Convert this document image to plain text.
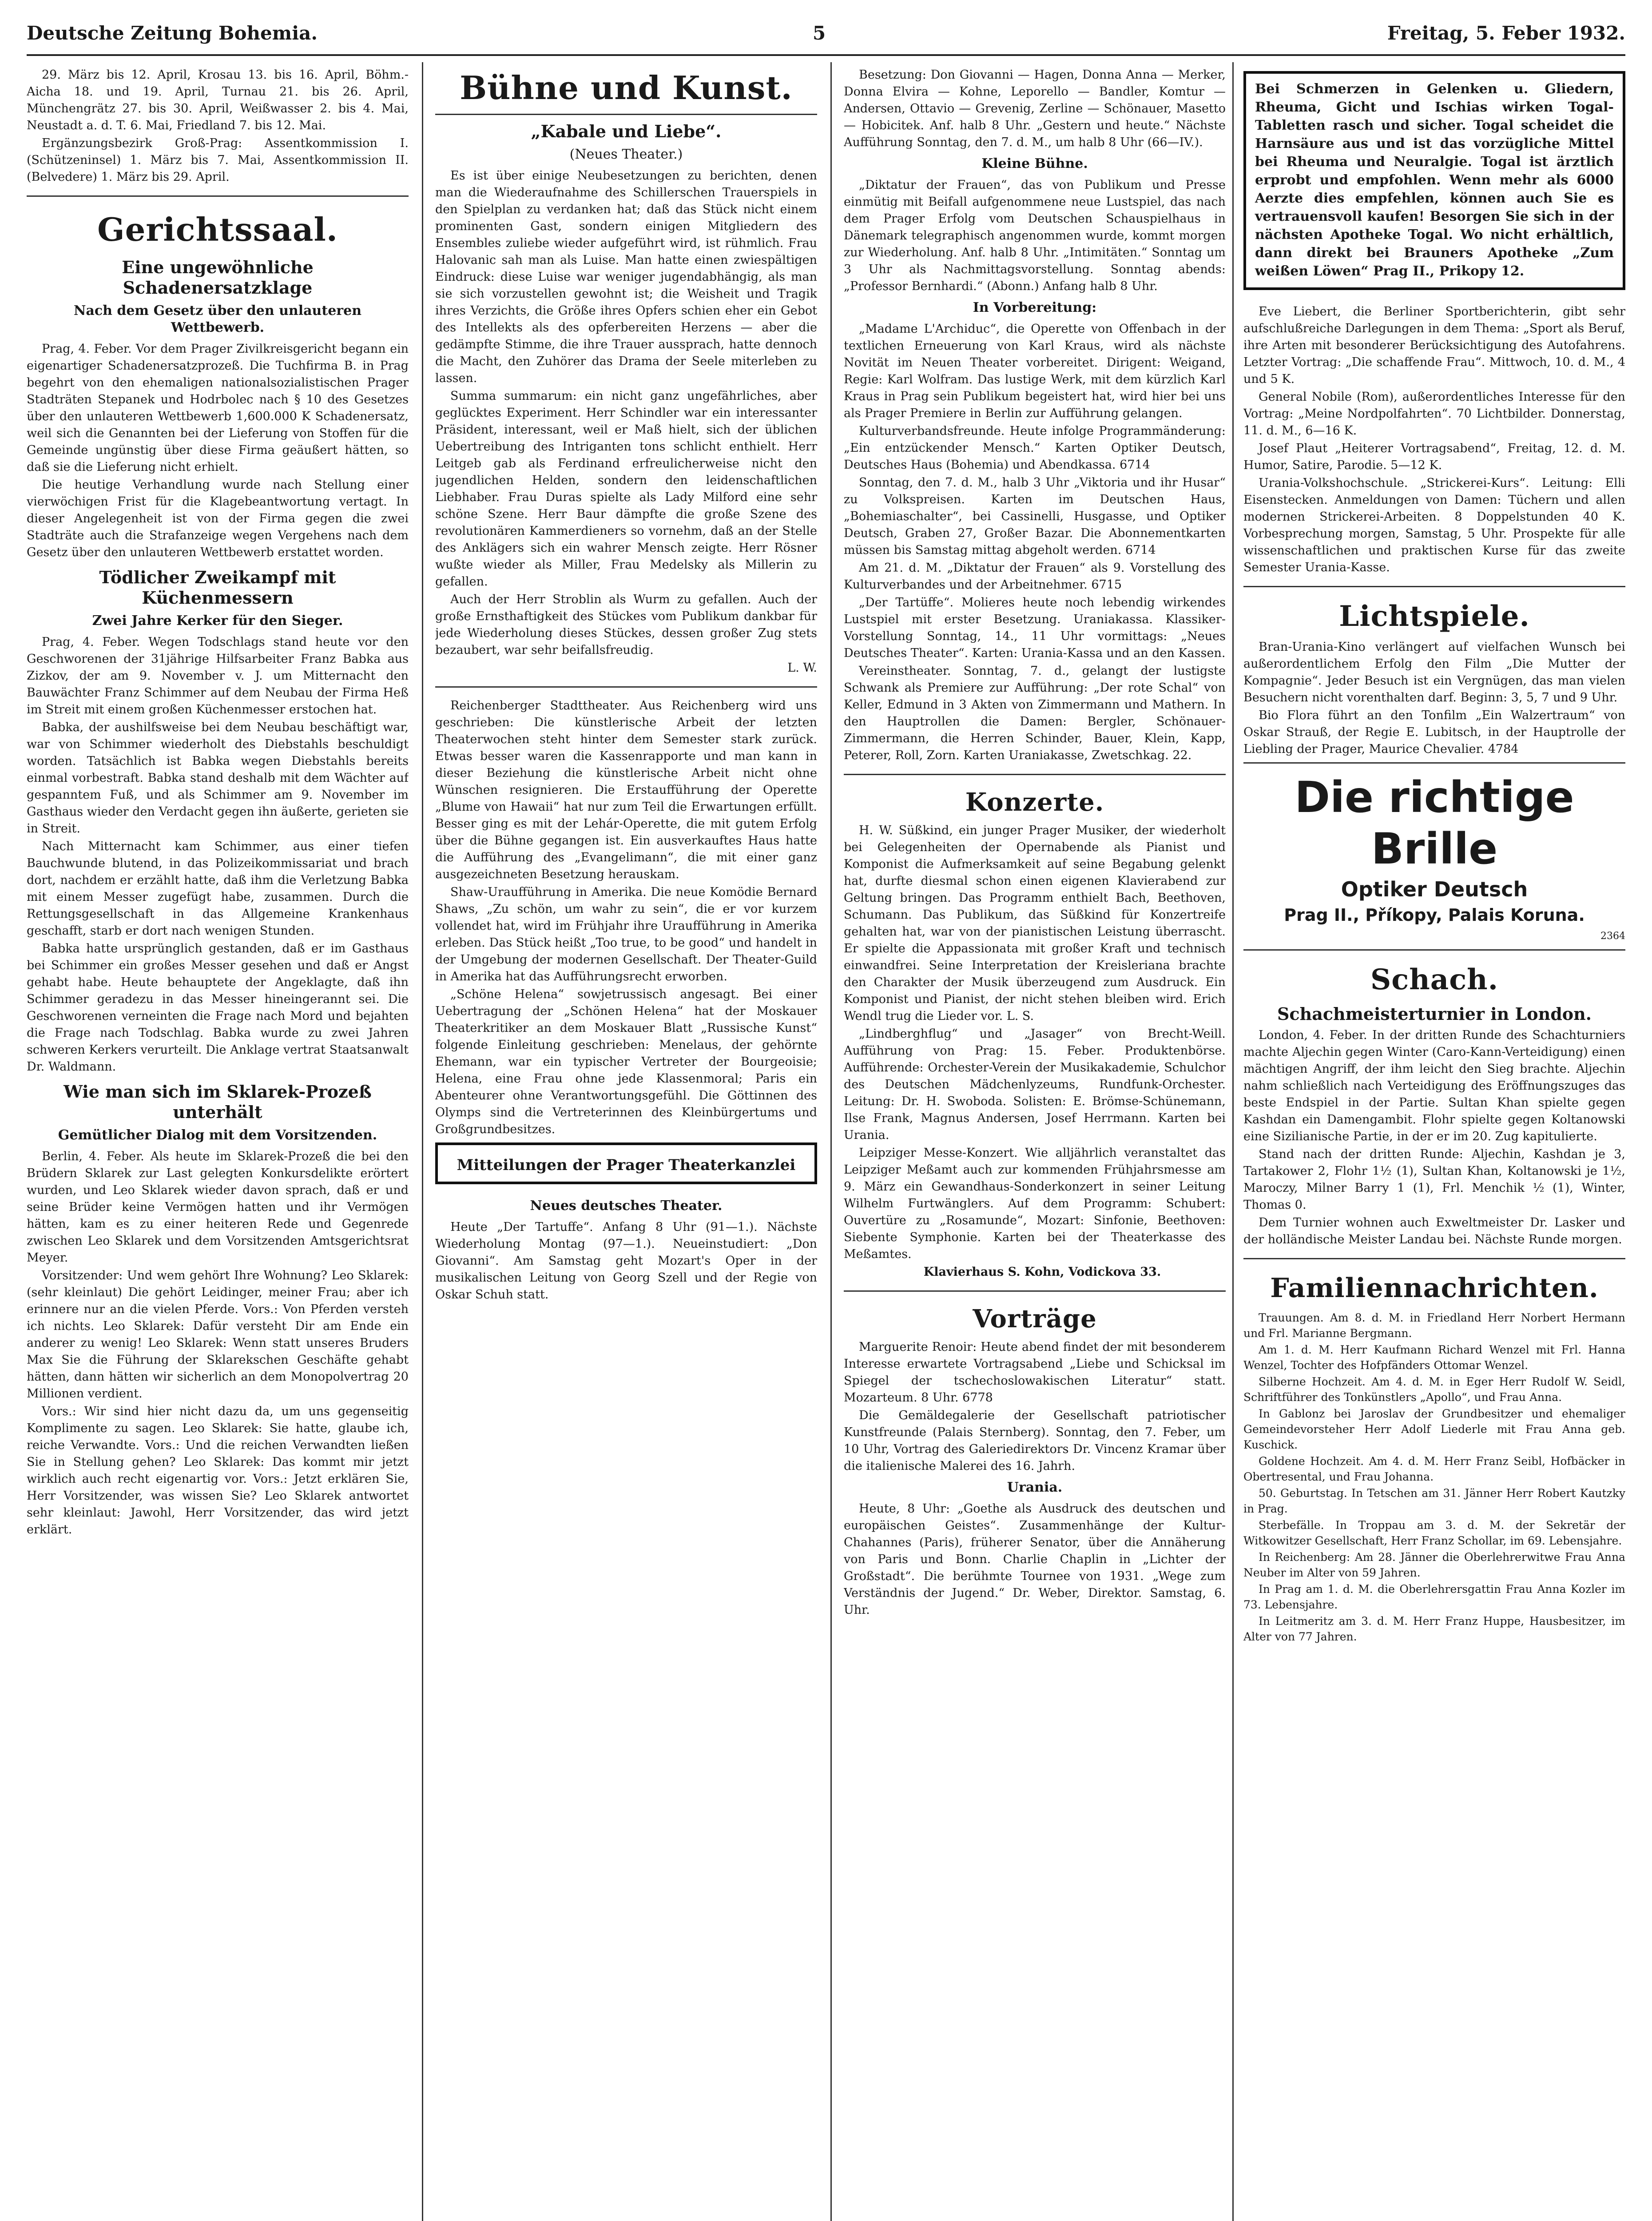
Deutsche Zeitung Bohemia.	5	Freitag, 5. Feber 1932.

29. März bis 12. April, Krosau 13. bis 16. April, Böhm.-Aicha 18. und 19. April, Turnau 21. bis 26. April, Münchengrätz 27. bis 30. April, Weißwasser 2. bis 4. Mai, Neustadt a. d. T. 6. Mai, Friedland 7. bis 12. Mai.

Ergänzungsbezirk Groß-Prag: Assentkommission I. (Schützeninsel) 1. März bis 7. Mai, Assentkommission II. (Belvedere) 1. März bis 29. April.

Gerichtssaal.
Eine ungewöhnliche Schadenersatzklage
Nach dem Gesetz über den unlauteren Wettbewerb.

Prag, 4. Feber. Vor dem Prager Zivilkreisgericht begann ein eigenartiger Schadenersatzprozeß. Die Tuchfirma B. in Prag begehrt von den ehemaligen nationalsozialistischen Prager Stadträten Stepanek und Hodrbolec nach § 10 des Gesetzes über den unlauteren Wettbewerb 1,600.000 K Schadenersatz, weil sich die Genannten bei der Lieferung von Stoffen für die Gemeinde ungünstig über diese Firma geäußert hätten, so daß sie die Lieferung nicht erhielt.

Die heutige Verhandlung wurde nach Stellung einer vierwöchigen Frist für die Klagebeantwortung vertagt. In dieser Angelegenheit ist von der Firma gegen die zwei Stadträte auch die Strafanzeige wegen Vergehens nach dem Gesetz über den unlauteren Wettbewerb erstattet worden.

Tödlicher Zweikampf mit Küchenmessern
Zwei Jahre Kerker für den Sieger.

Prag, 4. Feber. Wegen Todschlags stand heute vor den Geschworenen der 31jährige Hilfsarbeiter Franz Babka aus Zizkov, der am 9. November v. J. um Mitternacht den Bauwächter Franz Schimmer auf dem Neubau der Firma Heß im Streit mit einem großen Küchenmesser erstochen hat.

Babka, der aushilfsweise bei dem Neubau beschäftigt war, war von Schimmer wiederholt des Diebstahls beschuldigt worden. Tatsächlich ist Babka wegen Diebstahls bereits einmal vorbestraft. Babka stand deshalb mit dem Wächter auf gespanntem Fuß, und als Schimmer am 9. November im Gasthaus wieder den Verdacht gegen ihn äußerte, gerieten sie in Streit.

Nach Mitternacht kam Schimmer, aus einer tiefen Bauchwunde blutend, in das Polizeikommissariat und brach dort, nachdem er erzählt hatte, daß ihm die Verletzung Babka mit einem Messer zugefügt habe, zusammen. Durch die Rettungsgesellschaft in das Allgemeine Krankenhaus geschafft, starb er dort nach wenigen Stunden.

Babka hatte ursprünglich gestanden, daß er im Gasthaus bei Schimmer ein großes Messer gesehen und daß er Angst gehabt habe. Heute behauptete der Angeklagte, daß ihn Schimmer geradezu in das Messer hineingerannt sei. Die Geschworenen verneinten die Frage nach Mord und bejahten die Frage nach Todschlag. Babka wurde zu zwei Jahren schweren Kerkers verurteilt. Die Anklage vertrat Staatsanwalt Dr. Waldmann.

Wie man sich im Sklarek-Prozeß unterhält
Gemütlicher Dialog mit dem Vorsitzenden.

Berlin, 4. Feber. Als heute im Sklarek-Prozeß die bei den Brüdern Sklarek zur Last gelegten Konkursdelikte erörtert wurden, und Leo Sklarek wieder davon sprach, daß er und seine Brüder keine Vermögen hatten und ihr Vermögen hätten, kam es zu einer heiteren Rede und Gegenrede zwischen Leo Sklarek und dem Vorsitzenden Amtsgerichtsrat Meyer.

Vorsitzender: Und wem gehört Ihre Wohnung? Leo Sklarek: (sehr kleinlaut) Die gehört Leidinger, meiner Frau; aber ich erinnere nur an die vielen Pferde. Vors.: Von Pferden versteh ich nichts. Leo Sklarek: Dafür versteht Dir am Ende ein anderer zu wenig! Leo Sklarek: Wenn statt unseres Bruders Max Sie die Führung der Sklarekschen Geschäfte gehabt hätten, dann hätten wir sicherlich an dem Monopolvertrag 20 Millionen verdient.

Vors.: Wir sind hier nicht dazu da, um uns gegenseitig Komplimente zu sagen. Leo Sklarek: Sie hatte, glaube ich, reiche Verwandte. Vors.: Und die reichen Verwandten ließen Sie in Stellung gehen? Leo Sklarek: Das kommt mir jetzt wirklich auch recht eigenartig vor. Vors.: Jetzt erklären Sie, Herr Vorsitzender, was wissen Sie? Leo Sklarek antwortet sehr kleinlaut: Jawohl, Herr Vorsitzender, das wird jetzt erklärt.

Bühne und Kunst.
„Kabale und Liebe“.
(Neues Theater.)

Es ist über einige Neubesetzungen zu berichten, denen man die Wiederaufnahme des Schillerschen Trauerspiels in den Spielplan zu verdanken hat; daß das Stück nicht einem prominenten Gast, sondern einigen Mitgliedern des Ensembles zuliebe wieder aufgeführt wird, ist rühmlich. Frau Halovanic sah man als Luise. Man hatte einen zwiespältigen Eindruck: diese Luise war weniger jugendabhängig, als man sie sich vorzustellen gewohnt ist; die Weisheit und Tragik ihres Verzichts, die Größe ihres Opfers schien eher ein Gebot des Intellekts als des opferbereiten Herzens — aber die gedämpfte Stimme, die ihre Trauer aussprach, hatte dennoch die Macht, den Zuhörer das Drama der Seele miterleben zu lassen.

Summa summarum: ein nicht ganz ungefährliches, aber geglücktes Experiment. Herr Schindler war ein interessanter Präsident, interessant, weil er Maß hielt, sich der üblichen Uebertreibung des Intriganten tons schlicht enthielt. Herr Leitgeb gab als Ferdinand erfreulicherweise nicht den jugendlichen Helden, sondern den leidenschaftlichen Liebhaber. Frau Duras spielte als Lady Milford eine sehr schöne Szene. Herr Baur dämpfte die große Szene des revolutionären Kammerdieners so vornehm, daß an der Stelle des Anklägers sich ein wahrer Mensch zeigte. Herr Rösner wußte wieder als Miller, Frau Medelsky als Millerin zu gefallen.

Auch der Herr Stroblin als Wurm zu gefallen. Auch der große Ernsthaftigkeit des Stückes vom Publikum dankbar für jede Wiederholung dieses Stückes, dessen großer Zug stets bezaubert, war sehr beifallsfreudig.

L. W.

Reichenberger Stadttheater. Aus Reichenberg wird uns geschrieben: Die künstlerische Arbeit der letzten Theaterwochen steht hinter dem Semester stark zurück. Etwas besser waren die Kassenrapporte und man kann in dieser Beziehung die künstlerische Arbeit nicht ohne Wünschen resignieren. Die Erstaufführung der Operette „Blume von Hawaii“ hat nur zum Teil die Erwartungen erfüllt. Besser ging es mit der Lehár-Operette, die mit gutem Erfolg über die Bühne gegangen ist. Ein ausverkauftes Haus hatte die Aufführung des „Evangelimann“, die mit einer ganz ausgezeichneten Besetzung herauskam.

Shaw-Uraufführung in Amerika. Die neue Komödie Bernard Shaws, „Zu schön, um wahr zu sein“, die er vor kurzem vollendet hat, wird im Frühjahr ihre Uraufführung in Amerika erleben. Das Stück heißt „Too true, to be good“ und handelt in der Umgebung der modernen Gesellschaft. Der Theater-Guild in Amerika hat das Aufführungsrecht erworben.

„Schöne Helena“ sowjetrussisch angesagt. Bei einer Uebertragung der „Schönen Helena“ hat der Moskauer Theaterkritiker an dem Moskauer Blatt „Russische Kunst“ folgende Einleitung geschrieben: Menelaus, der gehörnte Ehemann, war ein typischer Vertreter der Bourgeoisie; Helena, eine Frau ohne jede Klassenmoral; Paris ein Abenteurer ohne Verantwortungsgefühl. Die Göttinnen des Olymps sind die Vertreterinnen des Kleinbürgertums und Großgrundbesitzes.

Mitteilungen der Prager Theaterkanzlei
Neues deutsches Theater.

Heute „Der Tartuffe“. Anfang 8 Uhr (91—1.). Nächste Wiederholung Montag (97—1.). Neueinstudiert: „Don Giovanni“. Am Samstag geht Mozart's Oper in der musikalischen Leitung von Georg Szell und der Regie von Oskar Schuh statt.

Besetzung: Don Giovanni — Hagen, Donna Anna — Merker, Donna Elvira — Kohne, Leporello — Bandler, Komtur — Andersen, Ottavio — Grevenig, Zerline — Schönauer, Masetto — Hobicitek. Anf. halb 8 Uhr. „Gestern und heute.“ Nächste Aufführung Sonntag, den 7. d. M., um halb 8 Uhr (66—IV.).

Kleine Bühne.

„Diktatur der Frauen“, das von Publikum und Presse einmütig mit Beifall aufgenommene neue Lustspiel, das nach dem Prager Erfolg vom Deutschen Schauspielhaus in Dänemark telegraphisch angenommen wurde, kommt morgen zur Wiederholung. Anf. halb 8 Uhr. „Intimitäten.“ Sonntag um 3 Uhr als Nachmittagsvorstellung. Sonntag abends: „Professor Bernhardi.“ (Abonn.) Anfang halb 8 Uhr.

In Vorbereitung:

„Madame L'Archiduc“, die Operette von Offenbach in der textlichen Erneuerung von Karl Kraus, wird als nächste Novität im Neuen Theater vorbereitet. Dirigent: Weigand, Regie: Karl Wolfram. Das lustige Werk, mit dem kürzlich Karl Kraus in Prag sein Publikum begeistert hat, wird hier bei uns als Prager Premiere in Berlin zur Aufführung gelangen.

Kulturverbandsfreunde. Heute infolge Programmänderung: „Ein entzückender Mensch.“ Karten Optiker Deutsch, Deutsches Haus (Bohemia) und Abendkassa. 6714

Sonntag, den 7. d. M., halb 3 Uhr „Viktoria und ihr Husar“ zu Volkspreisen. Karten im Deutschen Haus, „Bohemiaschalter“, bei Cassinelli, Husgasse, und Optiker Deutsch, Graben 27, Großer Bazar. Die Abonnementkarten müssen bis Samstag mittag abgeholt werden. 6714

Am 21. d. M. „Diktatur der Frauen“ als 9. Vorstellung des Kulturverbandes und der Arbeitnehmer. 6715

„Der Tartüffe“. Molieres heute noch lebendig wirkendes Lustspiel mit erster Besetzung. Uraniakassa. Klassiker-Vorstellung Sonntag, 14., 11 Uhr vormittags: „Neues Deutsches Theater“. Karten: Urania-Kassa und an den Kassen.

Vereinstheater. Sonntag, 7. d., gelangt der lustigste Schwank als Premiere zur Aufführung: „Der rote Schal“ von Keller, Edmund in 3 Akten von Zimmermann und Mathern. In den Hauptrollen die Damen: Bergler, Schönauer-Zimmermann, die Herren Schinder, Bauer, Klein, Kapp, Peterer, Roll, Zorn. Karten Uraniakasse, Zwetschkag. 22.

Konzerte.

H. W. Süßkind, ein junger Prager Musiker, der wiederholt bei Gelegenheiten der Opernabende als Pianist und Komponist die Aufmerksamkeit auf seine Begabung gelenkt hat, durfte diesmal schon einen eigenen Klavierabend zur Geltung bringen. Das Programm enthielt Bach, Beethoven, Schumann. Das Publikum, das Süßkind für Konzertreife gehalten hat, war von der pianistischen Leistung überrascht. Er spielte die Appassionata mit großer Kraft und technisch einwandfrei. Seine Interpretation der Kreisleriana brachte den Charakter der Musik überzeugend zum Ausdruck. Ein Komponist und Pianist, der nicht stehen bleiben wird. Erich Wendl trug die Lieder vor. L. S.

„Lindberghflug“ und „Jasager“ von Brecht-Weill. Aufführung von Prag: 15. Feber. Produktenbörse. Aufführende: Orchester-Verein der Musikakademie, Schulchor des Deutschen Mädchenlyzeums, Rundfunk-Orchester. Leitung: Dr. H. Swoboda. Solisten: E. Brömse-Schünemann, Ilse Frank, Magnus Andersen, Josef Herrmann. Karten bei Urania.

Leipziger Messe-Konzert. Wie alljährlich veranstaltet das Leipziger Meßamt auch zur kommenden Frühjahrsmesse am 9. März ein Gewandhaus-Sonderkonzert in seiner Leitung Wilhelm Furtwänglers. Auf dem Programm: Schubert: Ouvertüre zu „Rosamunde“, Mozart: Sinfonie, Beethoven: Siebente Symphonie. Karten bei der Theaterkasse des Meßamtes.

Klavierhaus S. Kohn, Vodickova 33.

Vorträge

Marguerite Renoir: Heute abend findet der mit besonderem Interesse erwartete Vortragsabend „Liebe und Schicksal im Spiegel der tschechoslowakischen Literatur“ statt. Mozarteum. 8 Uhr. 6778

Die Gemäldegalerie der Gesellschaft patriotischer Kunstfreunde (Palais Sternberg). Sonntag, den 7. Feber, um 10 Uhr, Vortrag des Galeriedirektors Dr. Vincenz Kramar über die italienische Malerei des 16. Jahrh.

Urania.

Heute, 8 Uhr: „Goethe als Ausdruck des deutschen und europäischen Geistes“. Zusammenhänge der Kultur-Chahannes (Paris), früherer Senator, über die Annäherung von Paris und Bonn. Charlie Chaplin in „Lichter der Großstadt“. Die berühmte Tournee von 1931. „Wege zum Verständnis der Jugend.“ Dr. Weber, Direktor. Samstag, 6. Uhr.

Bei Schmerzen in Gelenken u. Gliedern, Rheuma, Gicht und Ischias wirken Togal-Tabletten rasch und sicher. Togal scheidet die Harnsäure aus und ist das vorzügliche Mittel bei Rheuma und Neuralgie. Togal ist ärztlich erprobt und empfohlen. Wenn mehr als 6000 Aerzte dies empfehlen, können auch Sie es vertrauensvoll kaufen! Besorgen Sie sich in der nächsten Apotheke Togal. Wo nicht erhältlich, dann direkt bei Brauners Apotheke „Zum weißen Löwen“ Prag II., Prikopy 12.

Eve Liebert, die Berliner Sportberichterin, gibt sehr aufschlußreiche Darlegungen in dem Thema: „Sport als Beruf, ihre Arten mit besonderer Berücksichtigung des Autofahrens. Letzter Vortrag: „Die schaffende Frau“. Mittwoch, 10. d. M., 4 und 5 K.

General Nobile (Rom), außerordentliches Interesse für den Vortrag: „Meine Nordpolfahrten“. 70 Lichtbilder. Donnerstag, 11. d. M., 6—16 K.

Josef Plaut „Heiterer Vortragsabend“, Freitag, 12. d. M. Humor, Satire, Parodie. 5—12 K.

Urania-Volkshochschule. „Strickerei-Kurs“. Leitung: Elli Eisenstecken. Anmeldungen von Damen: Tüchern und allen modernen Strickerei-Arbeiten. 8 Doppelstunden 40 K. Vorbesprechung morgen, Samstag, 5 Uhr. Prospekte für alle wissenschaftlichen und praktischen Kurse für das zweite Semester Urania-Kasse.

Lichtspiele.

Bran-Urania-Kino verlängert auf vielfachen Wunsch bei außerordentlichem Erfolg den Film „Die Mutter der Kompagnie“. Jeder Besuch ist ein Vergnügen, das man vielen Besuchern nicht vorenthalten darf. Beginn: 3, 5, 7 und 9 Uhr.

Bio Flora führt an den Tonfilm „Ein Walzertraum“ von Oskar Strauß, der Regie E. Lubitsch, in der Hauptrolle der Liebling der Prager, Maurice Chevalier. 4784

Die richtige Brille
Optiker Deutsch
Prag II., Příkopy, Palais Koruna.
2364
Schach.
Schachmeisterturnier in London.

London, 4. Feber. In der dritten Runde des Schachturniers machte Aljechin gegen Winter (Caro-Kann-Verteidigung) einen mächtigen Angriff, der ihm leicht den Sieg brachte. Aljechin nahm schließlich nach Verteidigung des Eröffnungszuges das beste Endspiel in der Partie. Sultan Khan spielte gegen Kashdan ein Damengambit. Flohr spielte gegen Koltanowski eine Sizilianische Partie, in der er im 20. Zug kapitulierte.

Stand nach der dritten Runde: Aljechin, Kashdan je 3, Tartakower 2, Flohr 1½ (1), Sultan Khan, Koltanowski je 1½, Maroczy, Milner Barry 1 (1), Frl. Menchik ½ (1), Winter, Thomas 0.

Dem Turnier wohnen auch Exweltmeister Dr. Lasker und der holländische Meister Landau bei. Nächste Runde morgen.

Familiennachrichten.

Trauungen. Am 8. d. M. in Friedland Herr Norbert Hermann und Frl. Marianne Bergmann.

Am 1. d. M. Herr Kaufmann Richard Wenzel mit Frl. Hanna Wenzel, Tochter des Hofpfänders Ottomar Wenzel.

Silberne Hochzeit. Am 4. d. M. in Eger Herr Rudolf W. Seidl, Schriftführer des Tonkünstlers „Apollo“, und Frau Anna.

In Gablonz bei Jaroslav der Grundbesitzer und ehemaliger Gemeindevorsteher Herr Adolf Liederle mit Frau Anna geb. Kuschick.

Goldene Hochzeit. Am 4. d. M. Herr Franz Seibl, Hofbäcker in Obertresental, und Frau Johanna.

50. Geburtstag. In Tetschen am 31. Jänner Herr Robert Kautzky in Prag.

Sterbefälle. In Troppau am 3. d. M. der Sekretär der Witkowitzer Gesellschaft, Herr Franz Schollar, im 69. Lebensjahre.

In Reichenberg: Am 28. Jänner die Oberlehrerwitwe Frau Anna Neuber im Alter von 59 Jahren.

In Prag am 1. d. M. die Oberlehrersgattin Frau Anna Kozler im 73. Lebensjahre.

In Leitmeritz am 3. d. M. Herr Franz Huppe, Hausbesitzer, im Alter von 77 Jahren.
